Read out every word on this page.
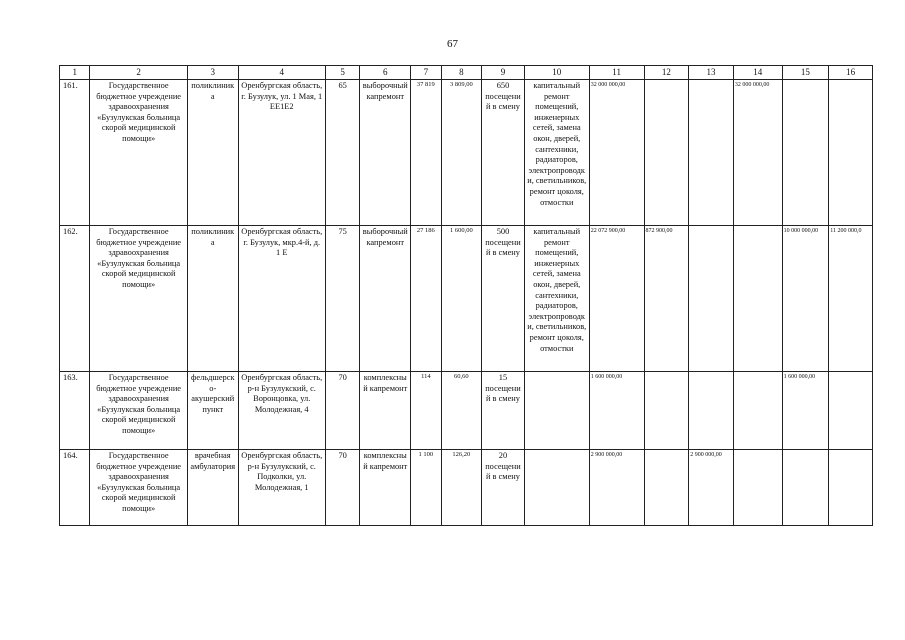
67
1	2	3	4	5	6	7	8	9	10	11	12	13	14	15	16
161.	Государственное бюджетное учреждение здравоохранения «Бузулукская больница скорой медицинской помощи»	поликлиника	Оренбургская область, г. Бузулук, ул. 1 Мая, 1 ЕЕ1Е2	65	выборочный капремонт	37 819	3 809,00	650 посещений в смену	капитальный ремонт помещений, инженерных сетей, замена окон, дверей, сантехники, радиаторов, электропроводки, светильников, ремонт цоколя, отмостки	32 000 000,00			32 000 000,00		
162.	Государственное бюджетное учреждение здравоохранения «Бузулукская больница скорой медицинской помощи»	поликлиника	Оренбургская область, г. Бузулук, мкр.4-й, д. 1 Е	75	выборочный капремонт	27 186	1 600,00	500 посещений в смену	капитальный ремонт помещений, инженерных сетей, замена окон, дверей, сантехники, радиаторов, электропроводки, светильников, ремонт цоколя, отмостки	22 072 900,00	872 900,00			10 000 000,00	11 200 000,0
163.	Государственное бюджетное учреждение здравоохранения «Бузулукская больница скорой медицинской помощи»	фельдшерско-акушерский пункт	Оренбургская область, р-н Бузулукский, с. Воронцовка, ул. Молодежная, 4	70	комплексный капремонт	114	60,60	15 посещений в смену		1 600 000,00				1 600 000,00	
164.	Государственное бюджетное учреждение здравоохранения «Бузулукская больница скорой медицинской помощи»	врачебная амбулатория	Оренбургская область, р-н Бузулукский, с. Подколки, ул. Молодежная, 1	70	комплексный капремонт	1 100	126,20	20 посещений в смену		2 900 000,00		2 900 000,00			
